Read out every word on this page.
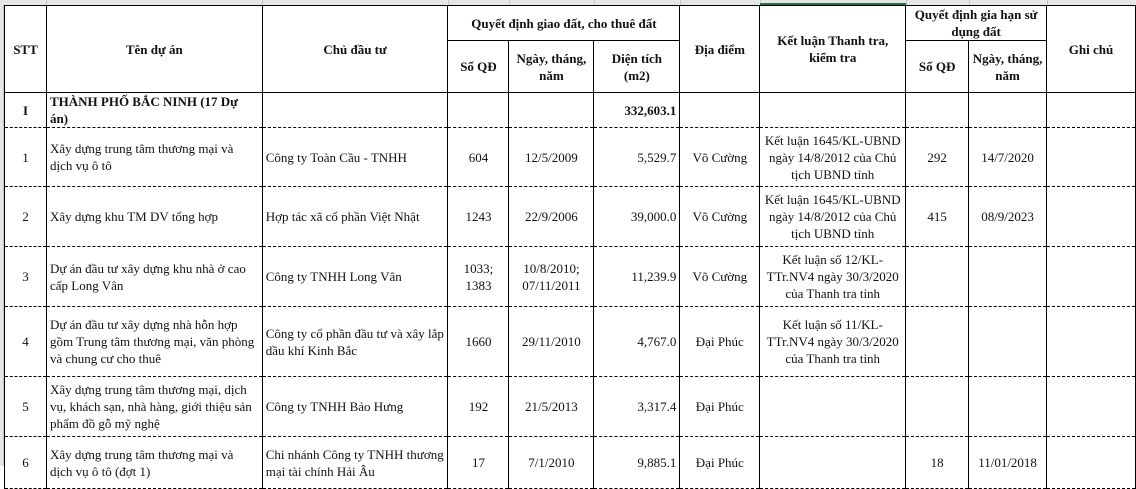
STT	Tên dự án	Chủ đầu tư	Quyết định giao đất, cho thuê đất			Địa điểm	Kết luận Thanh tra, kiểm tra	Quyết định gia hạn sử dụng đất		Ghi chú
			Số QĐ	Ngày, tháng, năm	Diện tích (m2)			Số QĐ	Ngày, tháng, năm	
I	THÀNH PHỐ BẮC NINH (17 Dự án)				332,603.1					
1	Xây dựng trung tâm thương mại và dịch vụ ô tô	Công ty Toàn Cầu - TNHH	604	12/5/2009	5,529.7	Võ Cường	Kết luận 1645/KL-UBND ngày 14/8/2012 của Chủ tịch UBND tỉnh	292	14/7/2020	
2	Xây dựng khu TM DV tổng hợp	Hợp tác xã cổ phần Việt Nhật	1243	22/9/2006	39,000.0	Võ Cường	Kết luận 1645/KL-UBND ngày 14/8/2012 của Chủ tịch UBND tỉnh	415	08/9/2023	
3	Dự án đầu tư xây dựng khu nhà ở cao cấp Long Vân	Công ty TNHH Long Vân	1033; 1383	10/8/2010; 07/11/2011	11,239.9	Võ Cường	Kết luận số 12/KL-TTr.NV4 ngày 30/3/2020 của Thanh tra tỉnh			
4	Dự án đầu tư xây dựng nhà hỗn hợp gồm Trung tâm thương mại, văn phòng và chung cư cho thuê	Công ty cổ phần đầu tư và xây lắp dầu khí Kinh Bắc	1660	29/11/2010	4,767.0	Đại Phúc	Kết luận số 11/KL-TTr.NV4 ngày 30/3/2020 của Thanh tra tỉnh			
5	Xây dựng trung tâm thương mại, dịch vụ, khách sạn, nhà hàng, giới thiệu sản phẩm đồ gỗ mỹ nghệ	Công ty TNHH Bảo Hưng	192	21/5/2013	3,317.4	Đại Phúc				
6	Xây dựng trung tâm thương mại và dịch vụ ô tô (đợt 1)	Chi nhánh Công ty TNHH thương mại tài chính Hải Âu	17	7/1/2010	9,885.1	Đại Phúc		18	11/01/2018	
